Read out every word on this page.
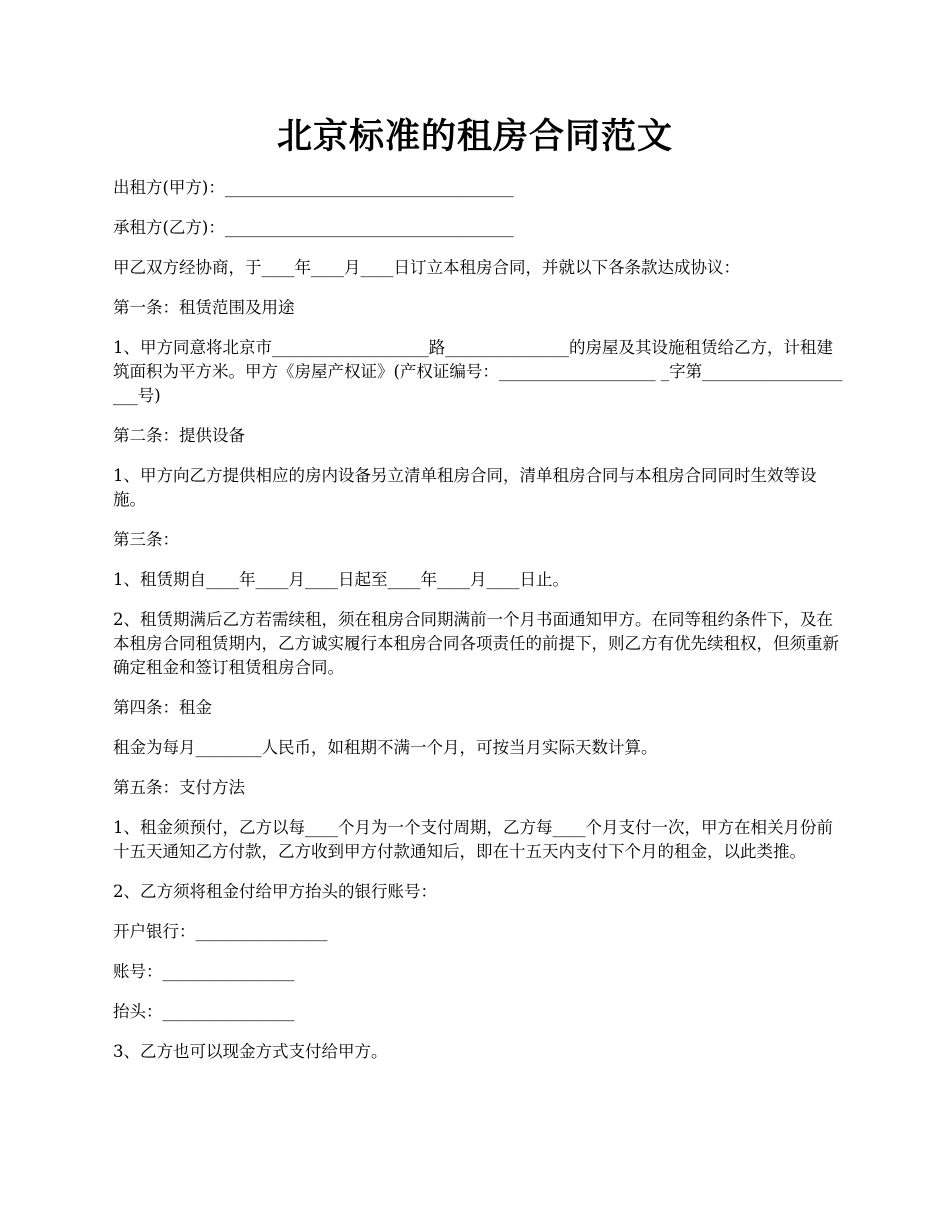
北京标准的租房合同范文

出租方(甲方)：___________________________________

承租方(乙方)：___________________________________

甲乙双方经协商，于____年____月____日订立本租房合同，并就以下各条款达成协议：

第一条：租赁范围及用途

1、甲方同意将北京市___________________路_______________的房屋及其设施租赁给乙方，计租建筑面积为平方米。甲方《房屋产权证》(产权证编号：___________________ _字第____________________号)

第二条：提供设备

1、甲方向乙方提供相应的房内设备另立清单租房合同，清单租房合同与本租房合同同时生效等设施。

第三条：

1、租赁期自____年____月____日起至____年____月____日止。

2、租赁期满后乙方若需续租，须在租房合同期满前一个月书面通知甲方。在同等租约条件下，及在本租房合同租赁期内，乙方诚实履行本租房合同各项责任的前提下，则乙方有优先续租权，但须重新确定租金和签订租赁租房合同。

第四条：租金

租金为每月________人民币，如租期不满一个月，可按当月实际天数计算。

第五条：支付方法

1、租金须预付，乙方以每____个月为一个支付周期，乙方每____个月支付一次，甲方在相关月份前十五天通知乙方付款，乙方收到甲方付款通知后，即在十五天内支付下个月的租金，以此类推。

2、乙方须将租金付给甲方抬头的银行账号：

开户银行：________________

账号：________________

抬头：________________

3、乙方也可以现金方式支付给甲方。
